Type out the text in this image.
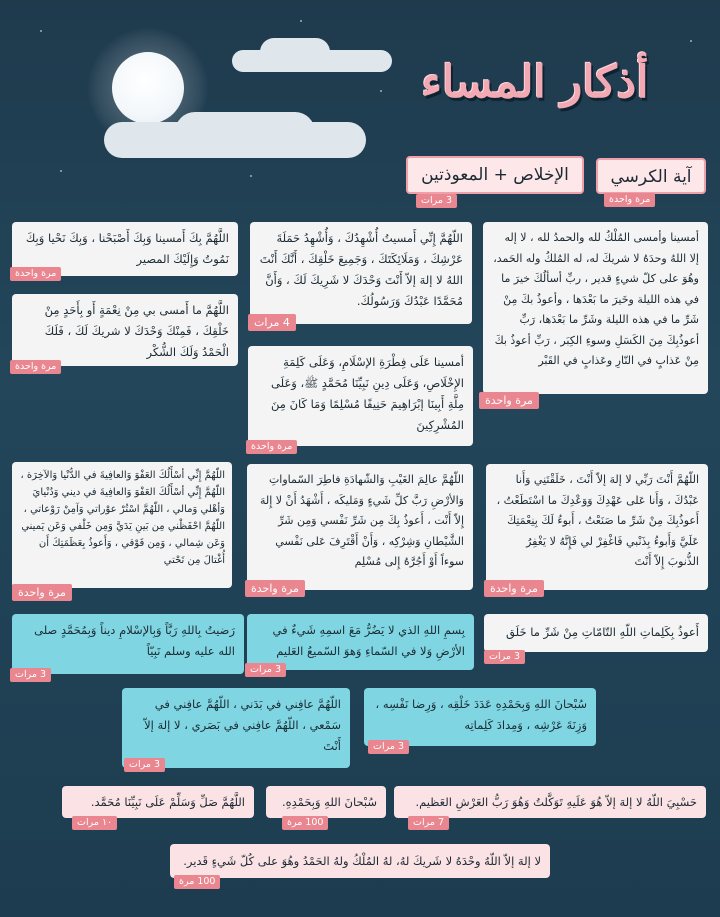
أذكار المساء
آية الكرسي
مرة واحدة
الإخلاص + المعوذتين
3 مرات
أمسينا وأمسى المُلْكُ لله والحمدُ لله ، لا إله إلا اللهُ وحدَهُ لا شريكَ له، له المُلكُ وله الحَمد، وهُوَ على كلّ شيءٍ قدير ، ربِّ أسألُكَ خيرَ ما في هذه الليلة وخَيرَ ما بَعْدَها ، وأعوذُ بكَ مِنْ شَرِّ ما في هذه الليلة وشَرِّ ما بَعْدَها، رَبِّ أعوذُبِكَ مِنَ الكَسَلِ وسوءِ الكِبَر ، رَبِّ أعوذُ بكَ مِنْ عَذابٍ في النّارِ وعَذابٍ في القَبْر
مرة واحدة
اللّهُمَّ إِنِّي أَمسيتُ أُشْهِدُكَ ، وَأُشْهِدُ حَمَلَةَ عَرْشِكَ ، وَمَلَائِكَتَكَ ، وَجَمِيعَ خَلْقِكَ ، أَنَّكَ أَنْتَ اللهُ لا إلهَ إلاّ أَنْتَ وَحْدَكَ لا شَرِيكَ لَكَ ، وَأَنَّ مُحَمَّدًا عَبْدُكَ وَرَسُولُكَ.
4 مرات
اللَّهُمَّ بِكَ أَمسينا وَبِكَ أَصْبَحْنا ، وَبِكَ نَحْيا وَبِكَ نَمُوتُ وَإِلَيْكَ المصير
مرة واحدة
اللَّهُمَّ ما أَمسى بي مِنْ نِعْمَةٍ أَو بِأَحَدٍ مِنْ خَلْقِكَ ، فَمِنْكَ وَحْدَكَ لا شريكَ لَكَ ، فَلَكَ الْحَمْدُ وَلَكَ الشُّكْر
مرة واحدة	أمسينا عَلَى فِطْرَةِ الإسْلَامِ، وَعَلَى كَلِمَةِ الإِخْلَاصِ، وَعَلَى دِينِ نَبِيِّنَا مُحَمَّدٍ ﷺ، وَعَلَى مِلَّةِ أَبِينَا إبْرَاهِيمَ حَنِيفًا مُسْلِمًا وَمَا كَانَ مِنَ المُشْرِكِينَ
مرة واحدة
اللّهُمَّ أَنْتَ رَبِّي لا إلهَ إلاّ أَنْتَ ، خَلَقْتَنِي وَأَنا عَبْدُكَ ، وَأَنا عَلى عَهْدِكَ وَوَعْدِكَ ما اسْتَطَعْتُ ، أَعوذُبِكَ مِنْ شَرِّ ما صَنَعْتُ ، أَبوءُ لَكَ بِنِعْمَتِكَ عَلَيَّ وَأَبوءُ بِذَنْبي فَاغْفِرْ لي فَإِنَّهُ لا يَغْفِرُ الذُّنوبَ إِلاّ أَنْتَ
مرة واحدة
اللّهُمَّ عالِمَ الغَيْبِ وَالشّهادَةِ فاطِرَ السّماواتِ وَالأرْضِ رَبَّ كلِّ شَيءٍ وَمَليكَه ، أَشْهَدُ أَنْ لا إِلهَ إِلاّ أَنْت ، أَعوذُ بِكَ مِن شَرِّ نَفْسي وَمِن شَرِّ الشَّيْطانِ وَشِرْكِه ، وَأَنْ أَقْتَرِفَ عَلى نَفْسي سوءاً أَوْ أَجُرَّهُ إِلى مُسْلِم
مرة واحدة
اللّهُمَّ إِنِّي أسْأَلُكَ العَفْوَ وَالعافِيةَ في الدُّنْيا وَالآخِرَة ، اللّهُمَّ إِنِّي أسْأَلُكَ العَفْوَ وَالعافِيةَ في ديني وَدُنْيايَ وَأهْلي وَمالي ، اللّهُمَّ اسْتُرْ عوْراتي وَآمِنْ رَوْعاتي ، اللّهُمَّ احْفَظْني مِن بَينِ يَدَيَّ وَمِن خَلْفي وَعَن يَميني وَعَن شِمالي ، وَمِن فَوْقي ، وَأَعوذُ بِعَظَمَتِكَ أَن أُغْتالَ مِن تَحْتي
مرة واحدة
أَعوذُ بِكَلِماتِ اللّهِ التّامّاتِ مِنْ شَرِّ ما خَلَق
3 مرات
بِسمِ اللهِ الذي لا يَضُرُّ مَعَ اسمِهِ شَيءٌ في الأرْضِ وَلا في السّماءِ وَهوَ السّميعُ العَليم
3 مرات
رَضيتُ بِاللهِ رَبَّاً وَبِالإسْلامِ ديناً وَبِمُحَمَّدٍ صلى الله عليه وسلم نَبِيّاً
3 مرات
سُبْحانَ اللهِ وَبِحَمْدِهِ عَدَدَ خَلْقِه ، وَرِضا نَفْسِه ، وَزِنَةَ عَرْشِه ، وَمِدادَ كَلِماتِه
3 مرات
اللّهُمَّ عافِني في بَدَني ، اللّهُمَّ عافِني في سَمْعي ، اللّهُمَّ عافِني في بَصَري ، لا إلهَ إلاّ أَنْتَ
3 مرات
حَسْبِيَ اللّهُ لا إلهَ إلاّ هُوَ عَلَيهِ تَوَكَّلتُ وَهُوَ رَبُّ العَرْشِ العَظيم.
7 مرات
سُبْحانَ اللهِ وَبِحَمْدِهِ.
100 مرة
اللَّهُمَّ صَلِّ وَسَلِّمْ عَلَى نَبِيِّنَا مُحَمَّد.
١٠ مرات
لا إلهَ إلاّ اللّهُ وحْدَهُ لا شَريكَ لهُ، لهُ المُلْكُ ولهُ الحَمْدُ وهُوَ على كُلّ شَيءٍ قَدير.
100 مرة
